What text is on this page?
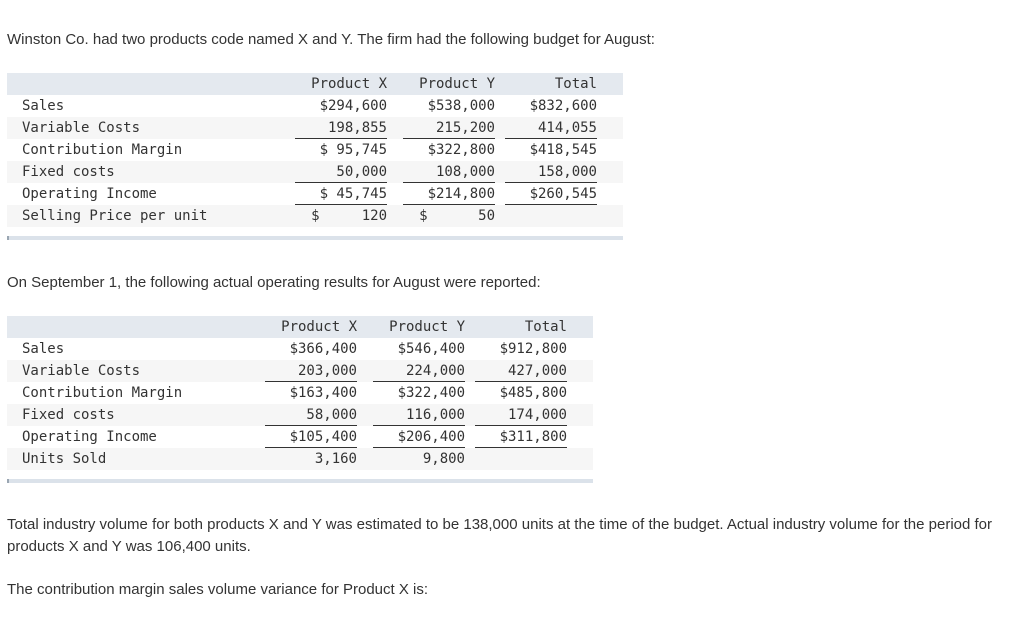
Winston Co. had two products code named X and Y. The firm had the following budget for August:

	Product X	Product Y	Total
Sales	$294,600	$538,000	$832,600
Variable Costs	198,855	215,200	414,055
Contribution Margin	$ 95,745	$322,800	$418,545
Fixed costs	50,000	108,000	158,000
Operating Income	$ 45,745	$214,800	$260,545
Selling Price per unit	$     120	$      50	

On September 1, the following actual operating results for August were reported:

	Product X	Product Y	Total
Sales	$366,400	$546,400	$912,800
Variable Costs	203,000	224,000	427,000
Contribution Margin	$163,400	$322,400	$485,800
Fixed costs	58,000	116,000	174,000
Operating Income	$105,400	$206,400	$311,800
Units Sold	3,160	9,800	

Total industry volume for both products X and Y was estimated to be 138,000 units at the time of the budget. Actual industry volume for the period for products X and Y was 106,400 units.

The contribution margin sales volume variance for Product X is:
